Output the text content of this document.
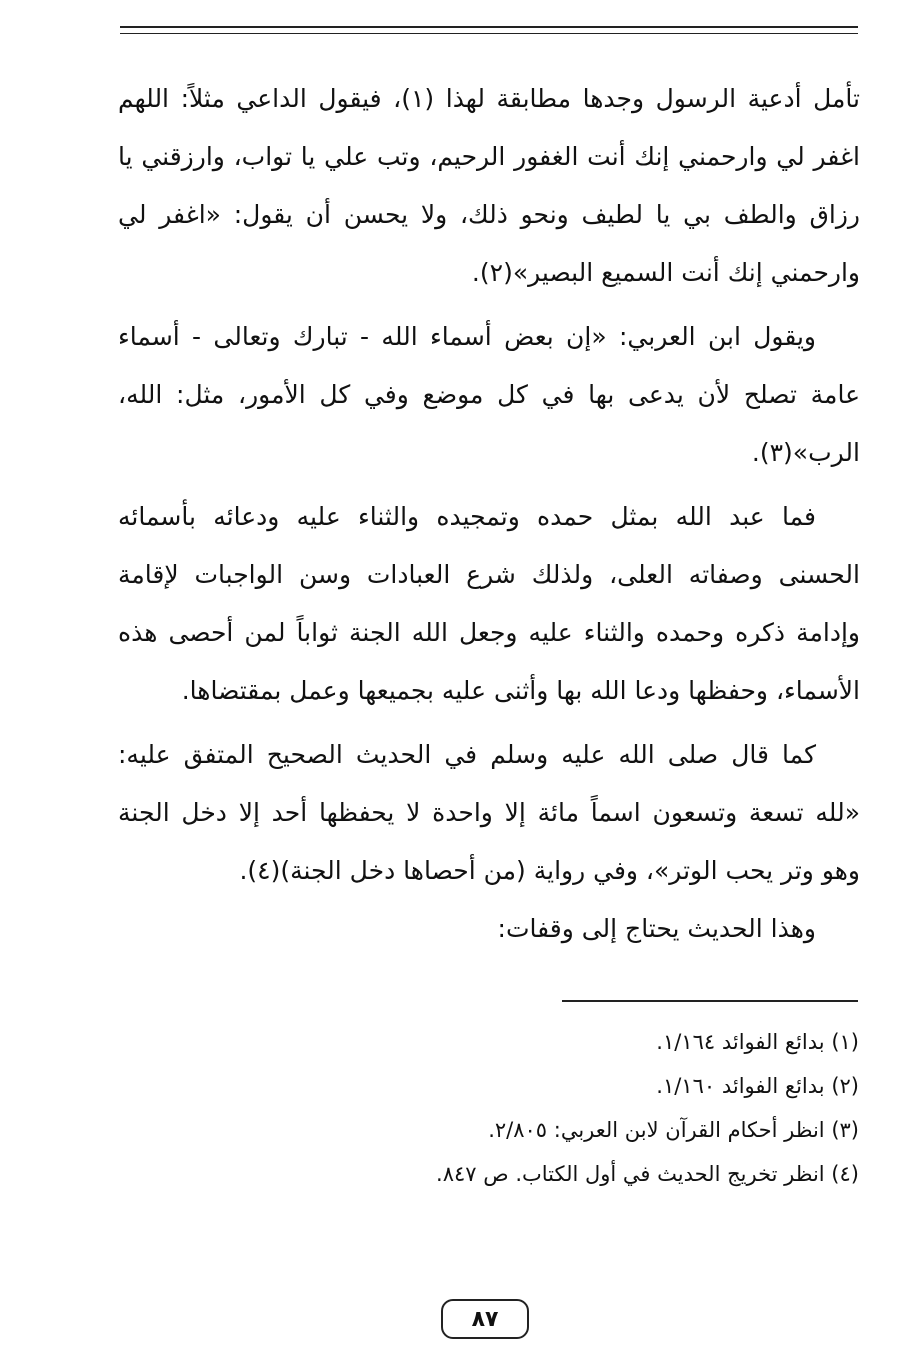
تأمل أدعية الرسول وجدها مطابقة لهذا (١)، فيقول الداعي مثلاً: اللهم اغفر لي وارحمني إنك أنت الغفور الرحيم، وتب علي يا تواب، وارزقني يا رزاق والطف بي يا لطيف ونحو ذلك، ولا يحسن أن يقول: «اغفر لي وارحمني إنك أنت السميع البصير»(٢).

ويقول ابن العربي: «إن بعض أسماء الله - تبارك وتعالى - أسماء عامة تصلح لأن يدعى بها في كل موضع وفي كل الأمور، مثل: الله، الرب»(٣).

فما عبد الله بمثل حمده وتمجيده والثناء عليه ودعائه بأسمائه الحسنى وصفاته العلى، ولذلك شرع العبادات وسن الواجبات لإقامة وإدامة ذكره وحمده والثناء عليه وجعل الله الجنة ثواباً لمن أحصى هذه الأسماء، وحفظها ودعا الله بها وأثنى عليه بجميعها وعمل بمقتضاها.

كما قال صلى الله عليه وسلم في الحديث الصحيح المتفق عليه: «لله تسعة وتسعون اسماً مائة إلا واحدة لا يحفظها أحد إلا دخل الجنة وهو وتر يحب الوتر»، وفي رواية (من أحصاها دخل الجنة)(٤).

وهذا الحديث يحتاج إلى وقفات:

(١) بدائع الفوائد ١/١٦٤.

(٢) بدائع الفوائد ١/١٦٠.

(٣) انظر أحكام القرآن لابن العربي: ٢/٨٠٥.

(٤) انظر تخريج الحديث في أول الكتاب. ص ٨٤٧.

٨٧
